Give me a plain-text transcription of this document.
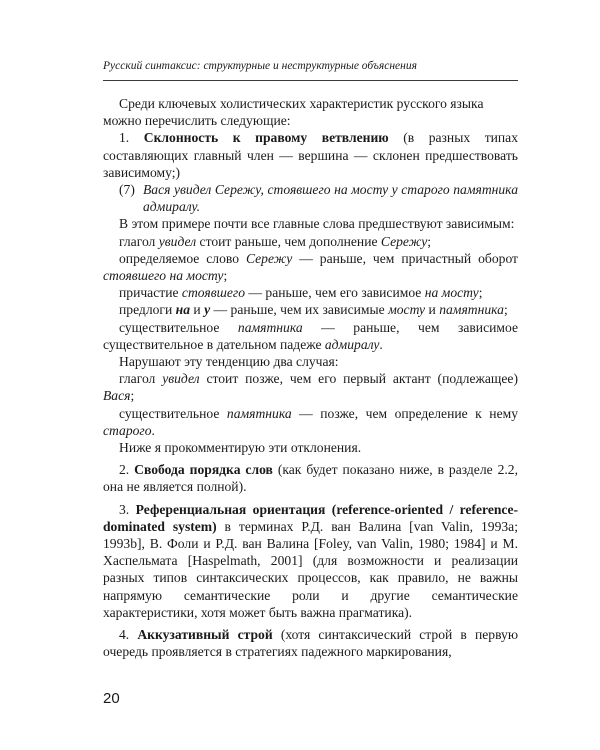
Русский синтаксис: структурные и неструктурные объяснения

Среди ключевых холистических характеристик русского языка
можно перечислить следующие:

1. Склонность к правому ветвлению (в разных типах составляющих главный член — вершина — склонен предшествовать зависимому;)

(7) Вася увидел Сережу, стоявшего на мосту у старого памятника адмиралу.

В этом примере почти все главные слова предшествуют зависимым:

глагол увидел стоит раньше, чем дополнение Сережу;

определяемое слово Сережу — раньше, чем причастный оборот стоявшего на мосту;

причастие стоявшего — раньше, чем его зависимое на мосту;

предлоги на и у — раньше, чем их зависимые мосту и памятника;

существительное памятника — раньше, чем зависимое существительное в дательном падеже адмиралу.

Нарушают эту тенденцию два случая:

глагол увидел стоит позже, чем его первый актант (подлежащее) Вася;

существительное памятника — позже, чем определение к нему старого.

Ниже я прокомментирую эти отклонения.

2. Свобода порядка слов (как будет показано ниже, в разделе 2.2, она не является полной).

3. Референциальная ориентация (reference-oriented / reference-dominated system) в терминах Р.Д. ван Валина [van Valin, 1993a; 1993b], В. Фоли и Р.Д. ван Валина [Foley, van Valin, 1980; 1984] и М. Хаспельмата [Haspelmath, 2001] (для возможности и реализации разных типов синтаксических процессов, как правило, не важны напрямую семантические роли и другие семантические характеристики, хотя может быть важна прагматика).

4. Аккузативный строй (хотя синтаксический строй в первую очередь проявляется в стратегиях падежного маркирования,

20
